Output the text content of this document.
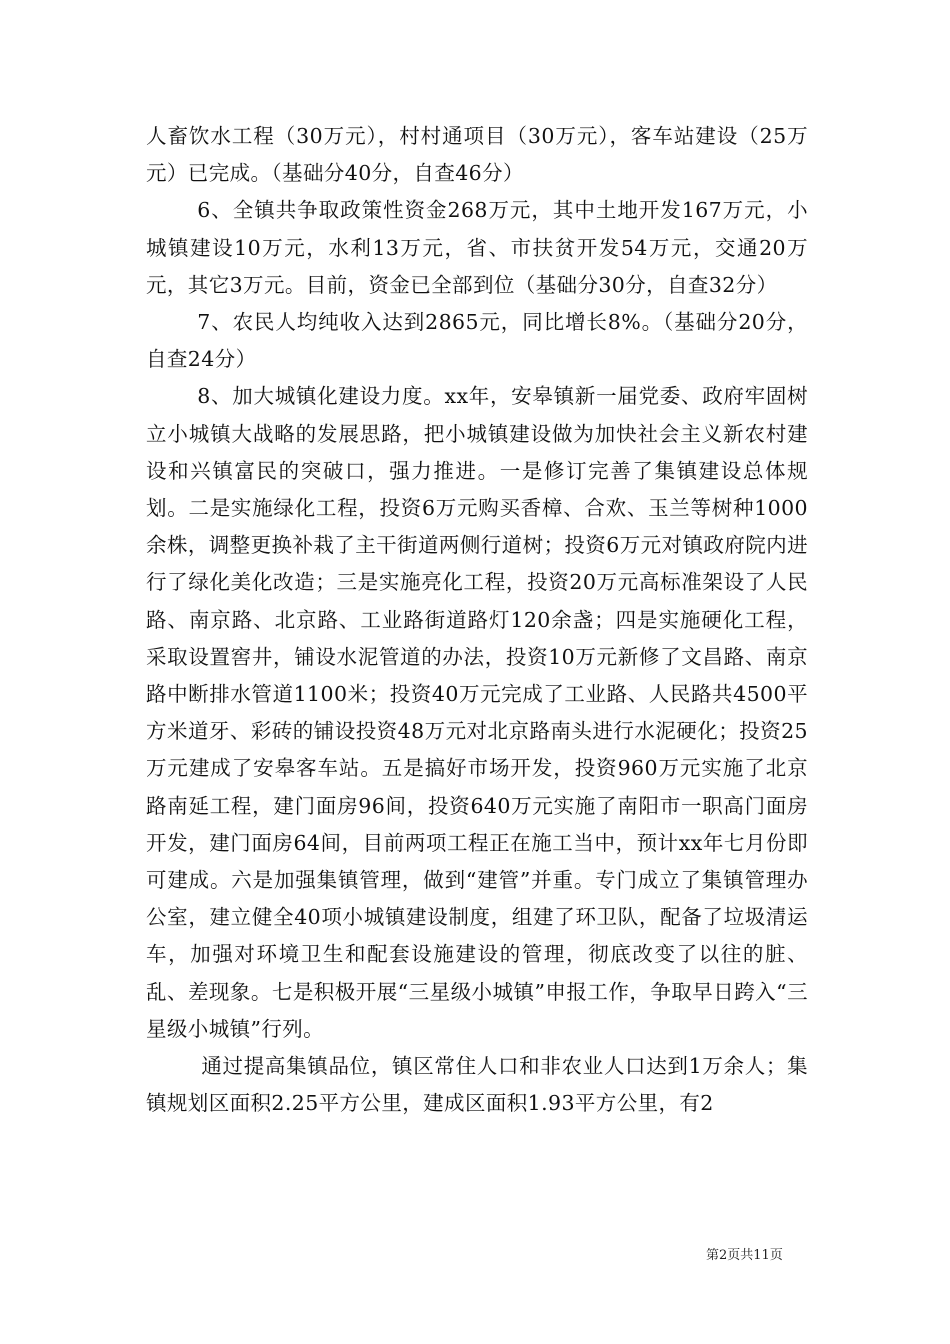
人畜饮水工程（30万元），村村通项目（30万元），客车站建设（25万元）已完成。（基础分40分，自查46分）

6、全镇共争取政策性资金268万元，其中土地开发167万元，小城镇建设10万元，水利13万元，省、市扶贫开发54万元，交通20万元，其它3万元。目前，资金已全部到位（基础分30分，自查32分）

7、农民人均纯收入达到2865元，同比增长8%。（基础分20分，自查24分）

8、加大城镇化建设力度。xx年，安皋镇新一届党委、政府牢固树立小城镇大战略的发展思路，把小城镇建设做为加快社会主义新农村建设和兴镇富民的突破口，强力推进。一是修订完善了集镇建设总体规划。二是实施绿化工程，投资6万元购买香樟、合欢、玉兰等树种1000余株，调整更换补栽了主干街道两侧行道树；投资6万元对镇政府院内进行了绿化美化改造；三是实施亮化工程，投资20万元高标准架设了人民路、南京路、北京路、工业路街道路灯120余盏；四是实施硬化工程，采取设置窖井，铺设水泥管道的办法，投资10万元新修了文昌路、南京路中断排水管道1100米；投资40万元完成了工业路、人民路共4500平方米道牙、彩砖的铺设投资48万元对北京路南头进行水泥硬化；投资25万元建成了安皋客车站。五是搞好市场开发，投资960万元实施了北京路南延工程，建门面房96间，投资640万元实施了南阳市一职高门面房开发，建门面房64间，目前两项工程正在施工当中，预计xx年七月份即可建成。六是加强集镇管理，做到“建管”并重。专门成立了集镇管理办公室，建立健全40项小城镇建设制度，组建了环卫队，配备了垃圾清运车，加强对环境卫生和配套设施建设的管理，彻底改变了以往的脏、乱、差现象。七是积极开展“三星级小城镇”申报工作，争取早日跨入“三星级小城镇”行列。

通过提高集镇品位，镇区常住人口和非农业人口达到1万余人；集镇规划区面积2.25平方公里，建成区面积1.93平方公里，有2

第2页共11页
